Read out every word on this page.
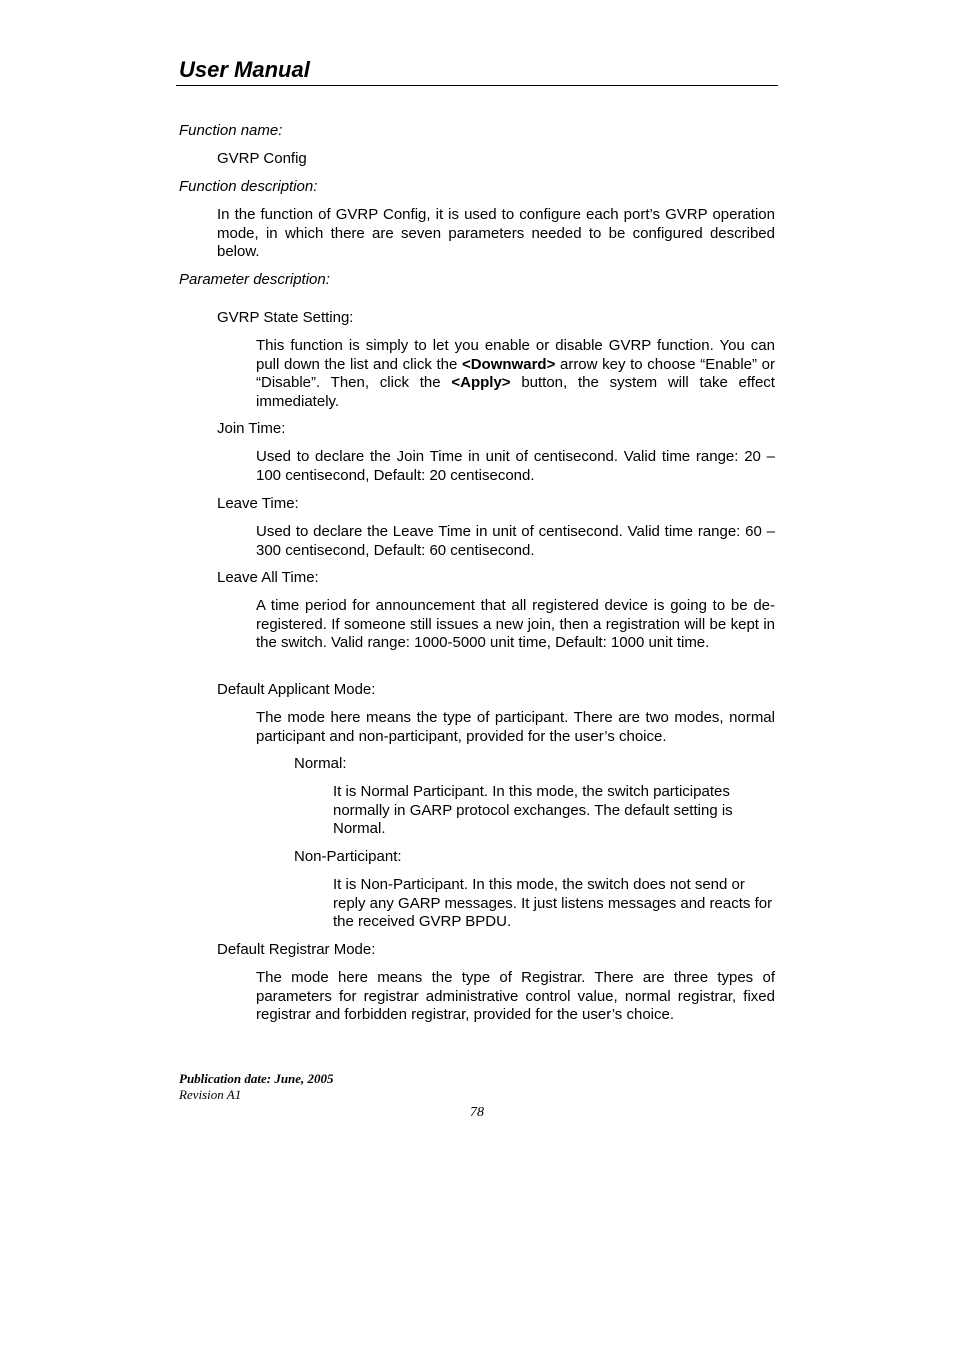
User Manual
Function name:
GVRP Config
Function description:
In the function of GVRP Config, it is used to configure each port’s GVRP operation mode, in which there are seven parameters needed to be configured described below.
Parameter description:
GVRP State Setting:
This function is simply to let you enable or disable GVRP function. You can pull down the list and click the <Downward> arrow key to choose “Enable” or “Disable”. Then, click the <Apply> button, the system will take effect immediately.
Join Time:
Used to declare the Join Time in unit of centisecond. Valid time range: 20 –100 centisecond, Default: 20 centisecond.
Leave Time:
Used to declare the Leave Time in unit of centisecond. Valid time range: 60 –300 centisecond, Default: 60 centisecond.
Leave All Time:
A time period for announcement that all registered device is going to be de-registered. If someone still issues a new join, then a registration will be kept in the switch. Valid range: 1000-5000 unit time, Default: 1000 unit time.
Default Applicant Mode:
The mode here means the type of participant. There are two modes, normal participant and non-participant, provided for the user’s choice.
Normal:
It is Normal Participant. In this mode, the switch participates normally in GARP protocol exchanges. The default setting is Normal.
Non-Participant:
It is Non-Participant. In this mode, the switch does not send or reply any GARP messages. It just listens messages and reacts for the received GVRP BPDU.
Default Registrar Mode:
The mode here means the type of Registrar. There are three types of parameters for registrar administrative control value, normal registrar, fixed registrar and forbidden registrar, provided for the user’s choice.
Publication date: June, 2005
Revision A1
78
